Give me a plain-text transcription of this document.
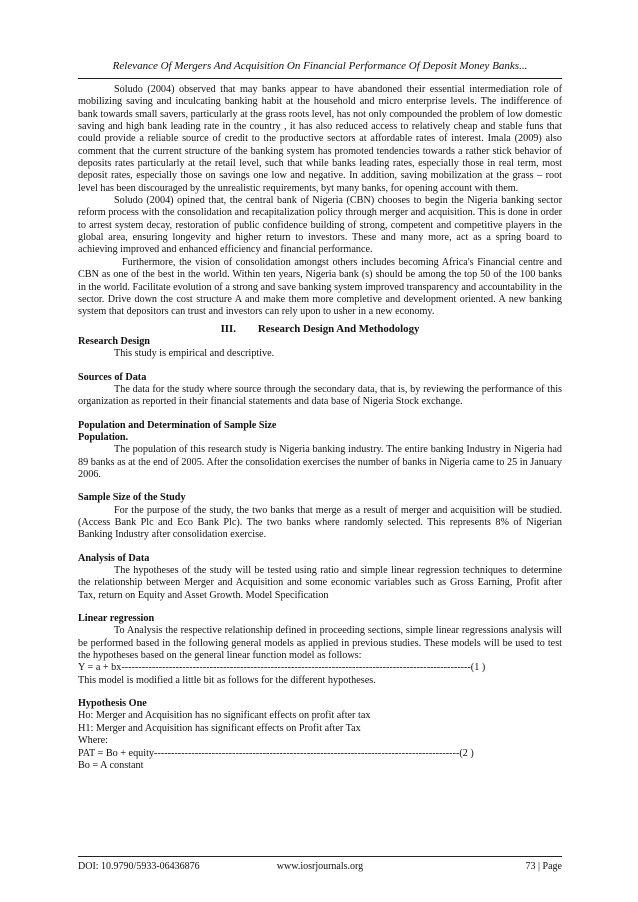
Relevance Of Mergers And Acquisition On Financial Performance Of Deposit Money Banks...

Soludo (2004) observed that may banks appear to have abandoned their essential intermediation role of mobilizing saving and inculcating banking habit at the household and micro enterprise levels. The indifference of bank towards small savers, particularly at the grass roots level, has not only compounded the problem of low domestic saving and high bank leading rate in the country , it has also reduced access to relatively cheap and stable funs that could provide a reliable source of credit to the productive sectors at affordable rates of interest. Imala (2009) also comment that the current structure of the banking system has promoted tendencies towards a rather stick behavior of deposits rates particularly at the retail level, such that while banks leading rates, especially those in real term, most deposit rates, especially those on savings one low and negative. In addition, saving mobilization at the grass – root level has been discouraged by the unrealistic requirements, byt many banks, for opening account with them.

Soludo (2004) opined that, the central bank of Nigeria (CBN) chooses to begin the Nigeria banking sector reform process with the consolidation and recapitalization policy through merger and acquisition. This is done in order to arrest system decay, restoration of public confidence building of strong, competent and competitive players in the global area, ensuring longevity and higher return to investors. These and many more, act as a spring board to achieving improved and enhanced efficiency and financial performance.

Furthermore, the vision of consolidation amongst others includes becoming Africa's Financial centre and CBN as one of the best in the world. Within ten years, Nigeria bank (s) should be among the top 50 of the 100 banks in the world. Facilitate evolution of a strong and save banking system improved transparency and accountability in the sector. Drive down the cost structure A and make them more completive and development oriented. A new banking system that depositors can trust and investors can rely upon to usher in a new economy.

III. Research Design And Methodology

Research Design

This study is empirical and descriptive.

Sources of Data

The data for the study where source through the secondary data, that is, by reviewing the performance of this organization as reported in their financial statements and data base of Nigeria Stock exchange.

Population and Determination of Sample Size

Population.

The population of this research study is Nigeria banking industry. The entire banking Industry in Nigeria had 89 banks as at the end of 2005. After the consolidation exercises the number of banks in Nigeria came to 25 in January 2006.

Sample Size of the Study

For the purpose of the study, the two banks that merge as a result of merger and acquisition will be studied. (Access Bank Plc and Eco Bank Plc). The two banks where randomly selected. This represents 8% of Nigerian Banking Industry after consolidation exercise.

Analysis of Data

The hypotheses of the study will be tested using ratio and simple linear regression techniques to determine the relationship between Merger and Acquisition and some economic variables such as Gross Earning, Profit after Tax, return on Equity and Asset Growth. Model Specification

Linear regression

To Analysis the respective relationship defined in proceeding sections, simple linear regressions analysis will be performed based in the following general models as applied in previous studies. These models will be used to test the hypotheses based on the general linear function model as follows:

Y = a + bx-------------------------------------------------------------------------------------------------------(1 )

This model is modified a little bit as follows for the different hypotheses.

Hypothesis One

Ho: Merger and Acquisition has no significant effects on profit after tax

H1: Merger and Acquisition has significant effects on Profit after Tax

Where:

PAT = Bo + equity------------------------------------------------------------------------------------------(2 )

Bo = A constant

DOI: 10.9790/5933-06436876	www.iosrjournals.org	73 | Page
